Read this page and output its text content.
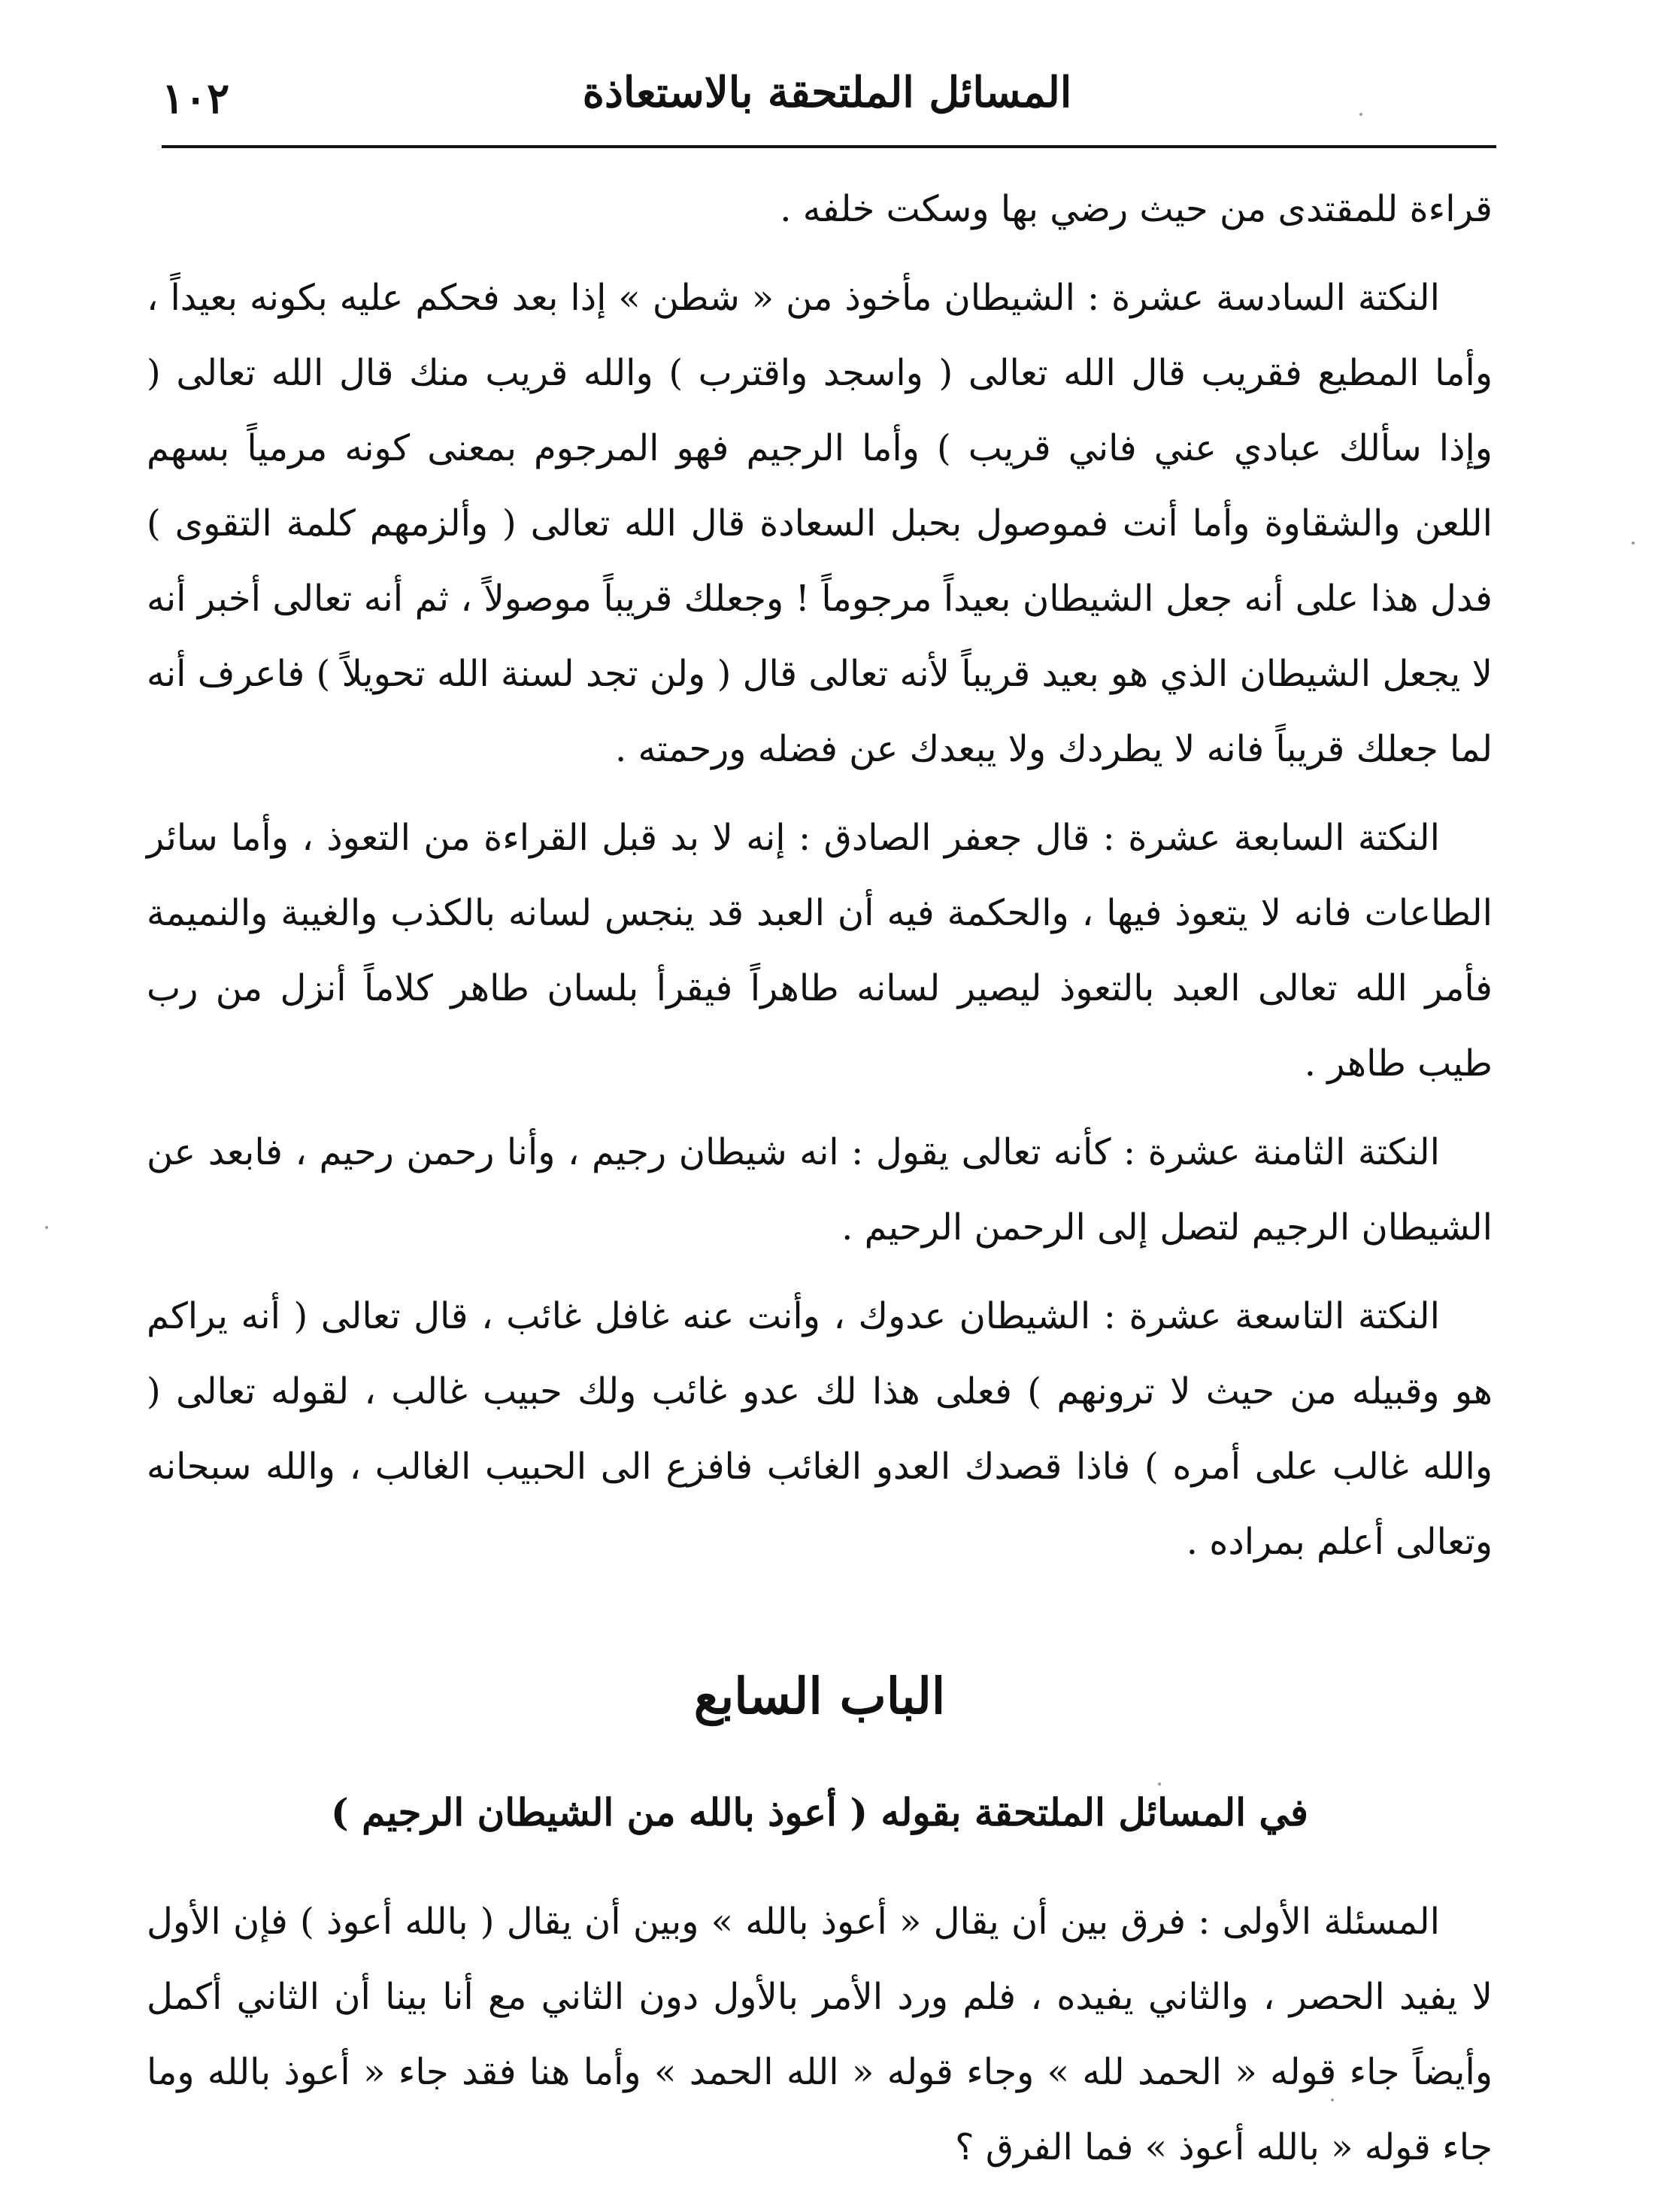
١٠٢	المسائل الملتحقة بالاستعاذة

قراءة للمقتدى من حيث رضي بها وسكت خلفه .

النكتة السادسة عشرة : الشيطان مأخوذ من « شطن » إذا بعد فحكم عليه بكونه بعيداً ، وأما المطيع فقريب قال الله تعالى ( واسجد واقترب ) والله قريب منك قال الله تعالى ( وإذا سألك عبادي عني فاني قريب ) وأما الرجيم فهو المرجوم بمعنى كونه مرمياً بسهم اللعن والشقاوة وأما أنت فموصول بحبل السعادة قال الله تعالى ( وألزمهم كلمة التقوى ) فدل هذا على أنه جعل الشيطان بعيداً مرجوماً ! وجعلك قريباً موصولاً ، ثم أنه تعالى أخبر أنه لا يجعل الشيطان الذي هو بعيد قريباً لأنه تعالى قال ( ولن تجد لسنة الله تحويلاً ) فاعرف أنه لما جعلك قريباً فانه لا يطردك ولا يبعدك عن فضله ورحمته .

النكتة السابعة عشرة : قال جعفر الصادق : إنه لا بد قبل القراءة من التعوذ ، وأما سائر الطاعات فانه لا يتعوذ فيها ، والحكمة فيه أن العبد قد ينجس لسانه بالكذب والغيبة والنميمة فأمر الله تعالى العبد بالتعوذ ليصير لسانه طاهراً فيقرأ بلسان طاهر كلاماً أنزل من رب طيب طاهر .

النكتة الثامنة عشرة : كأنه تعالى يقول : انه شيطان رجيم ، وأنا رحمن رحيم ، فابعد عن الشيطان الرجيم لتصل إلى الرحمن الرحيم .

النكتة التاسعة عشرة : الشيطان عدوك ، وأنت عنه غافل غائب ، قال تعالى ( أنه يراكم هو وقبيله من حيث لا ترونهم ) فعلى هذا لك عدو غائب ولك حبيب غالب ، لقوله تعالى ( والله غالب على أمره ) فاذا قصدك العدو الغائب فافزع الى الحبيب الغالب ، والله سبحانه وتعالى أعلم بمراده .

الباب السابع
في المسائل الملتحقة بقوله ( أعوذ بالله من الشيطان الرجيم )

المسئلة الأولى : فرق بين أن يقال « أعوذ بالله » وبين أن يقال ( بالله أعوذ ) فإن الأول لا يفيد الحصر ، والثاني يفيده ، فلم ورد الأمر بالأول دون الثاني مع أنا بينا أن الثاني أكمل وأيضاً جاء قوله « الحمد لله » وجاء قوله « الله الحمد » وأما هنا فقد جاء « أعوذ بالله وما جاء قوله « بالله أعوذ » فما الفرق ؟
